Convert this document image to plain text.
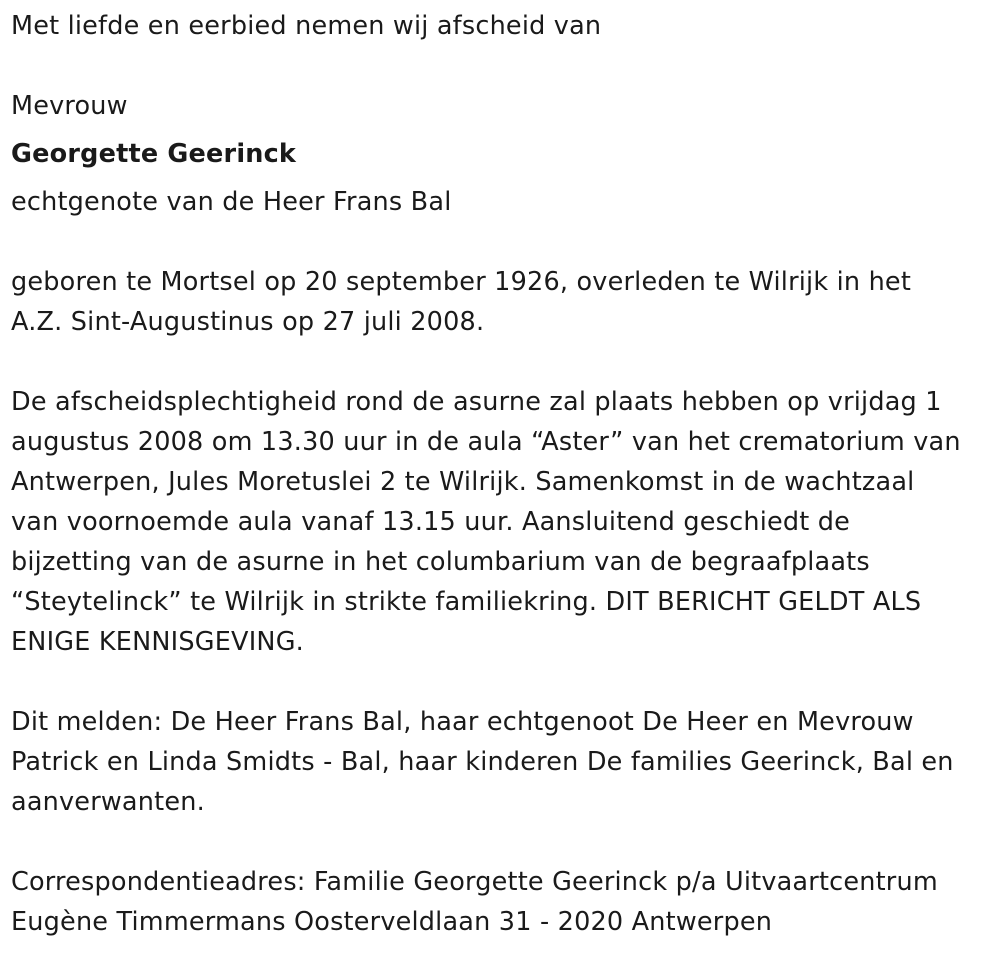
Met liefde en eerbied nemen wij afscheid van
Mevrouw
Georgette Geerinck
echtgenote van de Heer Frans Bal
geboren te Mortsel op 20 september 1926, overleden te Wilrijk in het
A.Z. Sint-Augustinus op 27 juli 2008.
De afscheidsplechtigheid rond de asurne zal plaats hebben op vrijdag 1
augustus 2008 om 13.30 uur in de aula “Aster” van het crematorium van
Antwerpen, Jules Moretuslei 2 te Wilrijk. Samenkomst in de wachtzaal
van voornoemde aula vanaf 13.15 uur. Aansluitend geschiedt de
bijzetting van de asurne in het columbarium van de begraafplaats
“Steytelinck” te Wilrijk in strikte familiekring. DIT BERICHT GELDT ALS
ENIGE KENNISGEVING.
Dit melden: De Heer Frans Bal, haar echtgenoot De Heer en Mevrouw
Patrick en Linda Smidts - Bal, haar kinderen De families Geerinck, Bal en
aanverwanten.
Correspondentieadres: Familie Georgette Geerinck p/a Uitvaartcentrum
Eugène Timmermans Oosterveldlaan 31 - 2020 Antwerpen
